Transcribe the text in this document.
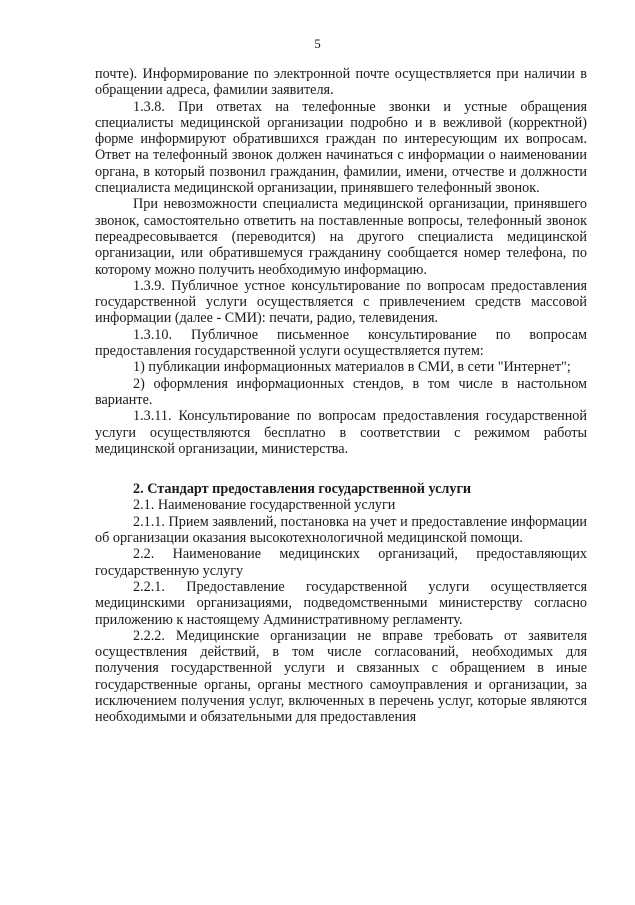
5

почте). Информирование по электронной почте осуществляется при наличии в обращении адреса, фамилии заявителя.

1.3.8. При ответах на телефонные звонки и устные обращения специалисты медицинской организации подробно и в вежливой (корректной) форме информируют обратившихся граждан по интересующим их вопросам. Ответ на телефонный звонок должен начинаться с информации о наименовании органа, в который позвонил гражданин, фамилии, имени, отчестве и должности специалиста медицинской организации, принявшего телефонный звонок.

При невозможности специалиста медицинской организации, принявшего звонок, самостоятельно ответить на поставленные вопросы, телефонный звонок переадресовывается (переводится) на другого специалиста медицинской организации, или обратившемуся гражданину сообщается номер телефона, по которому можно получить необходимую информацию.

1.3.9. Публичное устное консультирование по вопросам предоставления государственной услуги осуществляется с привлечением средств массовой информации (далее - СМИ): печати, радио, телевидения.

1.3.10. Публичное письменное консультирование по вопросам предоставления государственной услуги осуществляется путем:

1) публикации информационных материалов в СМИ, в сети "Интернет";

2) оформления информационных стендов, в том числе в настольном варианте.

1.3.11. Консультирование по вопросам предоставления государственной услуги осуществляются бесплатно в соответствии с режимом работы медицинской организации, министерства.

2. Стандарт предоставления государственной услуги

2.1. Наименование государственной услуги

2.1.1. Прием заявлений, постановка на учет и предоставление информации об организации оказания высокотехнологичной медицинской помощи.

2.2. Наименование медицинских организаций, предоставляющих государственную услугу

2.2.1. Предоставление государственной услуги осуществляется медицинскими организациями, подведомственными министерству согласно приложению к настоящему Административному регламенту.

2.2.2. Медицинские организации не вправе требовать от заявителя осуществления действий, в том числе согласований, необходимых для получения государственной услуги и связанных с обращением в иные государственные органы, органы местного самоуправления и организации, за исключением получения услуг, включенных в перечень услуг, которые являются необходимыми и обязательными для предоставления
